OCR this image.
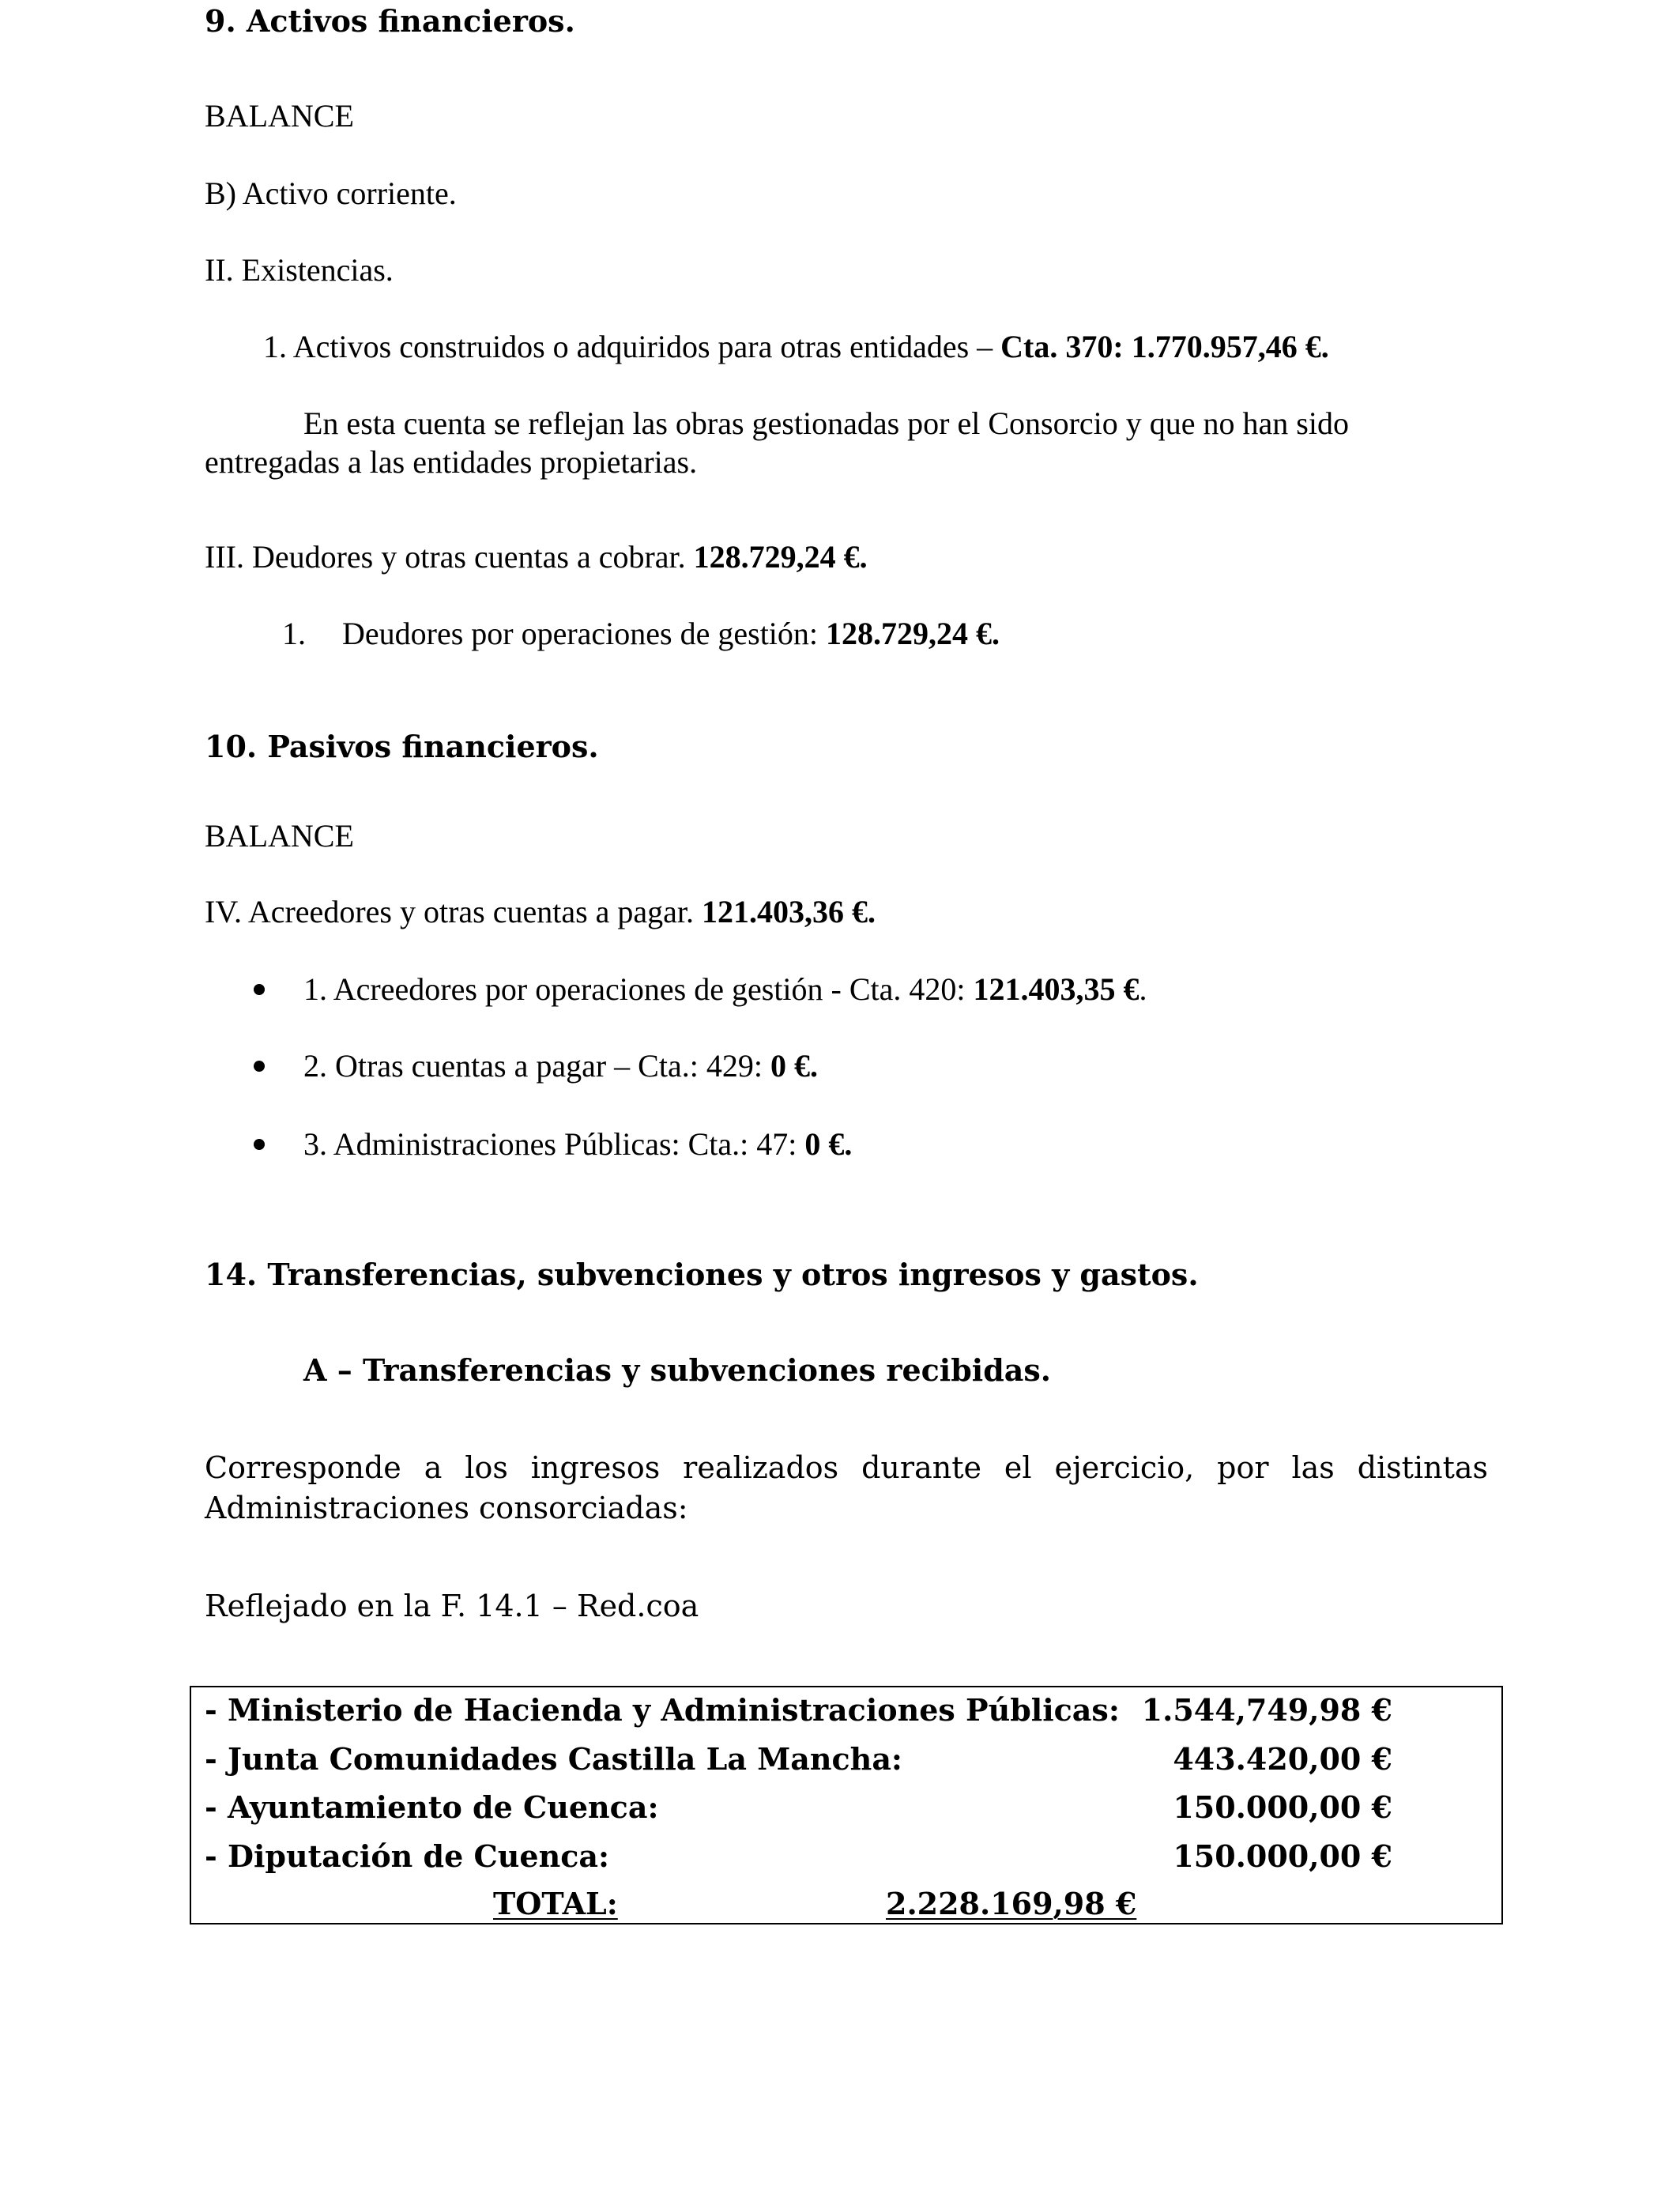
9. Activos financieros.
BALANCE
B) Activo corriente.
II. Existencias.
1. Activos construidos o adquiridos para otras entidades – Cta. 370: 1.770.957,46 €.
En esta cuenta se reflejan las obras gestionadas por el Consorcio y que no han sido
entregadas a las entidades propietarias.
III. Deudores y otras cuentas a cobrar. 128.729,24 €.
1. Deudores por operaciones de gestión: 128.729,24 €.
10. Pasivos financieros.
BALANCE
IV. Acreedores y otras cuentas a pagar. 121.403,36 €.
1. Acreedores por operaciones de gestión - Cta. 420: 121.403,35 €.
2. Otras cuentas a pagar – Cta.: 429: 0 €.
3. Administraciones Públicas: Cta.: 47: 0 €.
14. Transferencias, subvenciones y otros ingresos y gastos.
A – Transferencias y subvenciones recibidas.
Corresponde a los ingresos realizados durante el ejercicio, por las distintas Administraciones consorciadas:
Reflejado en la F. 14.1 – Red.coa
- Ministerio de Hacienda y Administraciones Públicas: 1.544,749,98 €
- Junta Comunidades Castilla La Mancha:	443.420,00 €
- Ayuntamiento de Cuenca:	150.000,00 €
- Diputación de Cuenca:	150.000,00 €
TOTAL:	2.228.169,98 €
